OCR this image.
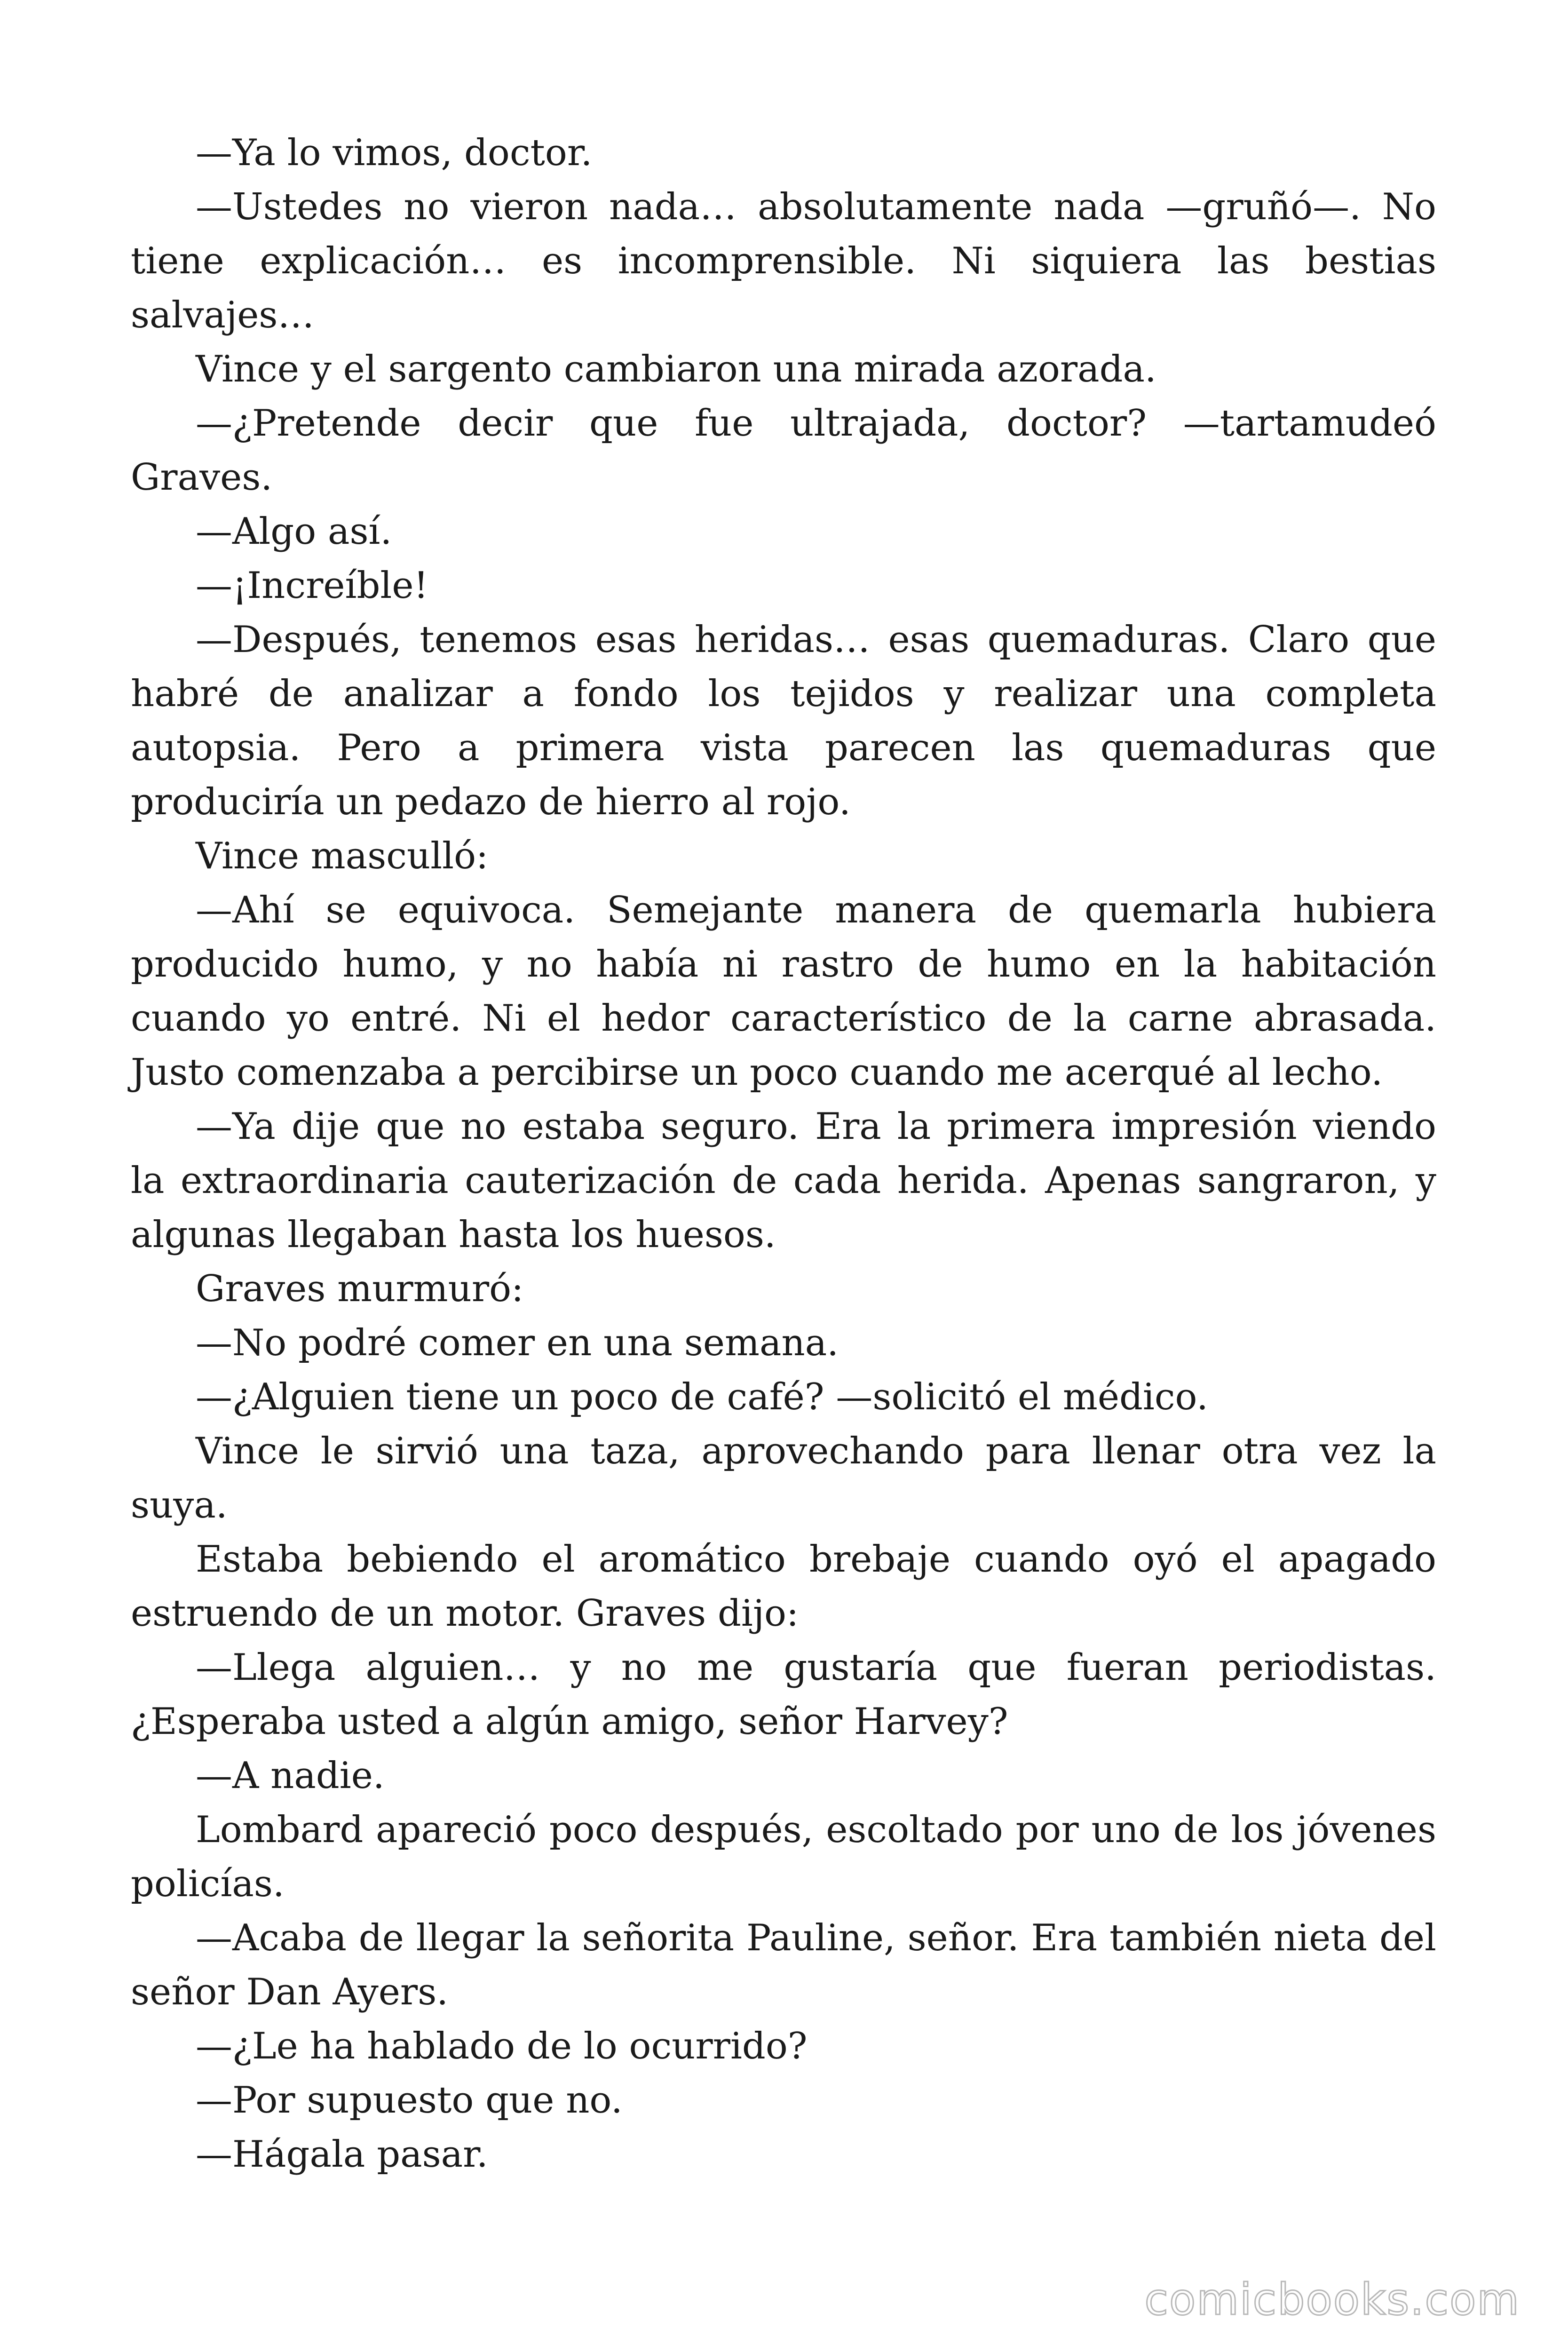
—Ya lo vimos, doctor.

—Ustedes no vieron nada… absolutamente nada —gruñó—. No tiene explicación… es incomprensible. Ni siquiera las bestias salvajes…

Vince y el sargento cambiaron una mirada azorada.

—¿Pretende decir que fue ultrajada, doctor? —tartamudeó Graves.

—Algo así.

—¡Increíble!

—Después, tenemos esas heridas… esas quemaduras. Claro que habré de analizar a fondo los tejidos y realizar una completa autopsia. Pero a primera vista parecen las quemaduras que produciría un pedazo de hierro al rojo.

Vince masculló:

—Ahí se equivoca. Semejante manera de quemarla hubiera producido humo, y no había ni rastro de humo en la habitación cuando yo entré. Ni el hedor característico de la carne abrasada. Justo comenzaba a percibirse un poco cuando me acerqué al lecho.

—Ya dije que no estaba seguro. Era la primera impresión viendo la extraordinaria cauterización de cada herida. Apenas sangraron, y algunas llegaban hasta los huesos.

Graves murmuró:

—No podré comer en una semana.

—¿Alguien tiene un poco de café? —solicitó el médico.

Vince le sirvió una taza, aprovechando para llenar otra vez la suya.

Estaba bebiendo el aromático brebaje cuando oyó el apagado estruendo de un motor. Graves dijo:

—Llega alguien… y no me gustaría que fueran periodistas. ¿Esperaba usted a algún amigo, señor Harvey?

—A nadie.

Lombard apareció poco después, escoltado por uno de los jóvenes policías.

—Acaba de llegar la señorita Pauline, señor. Era también nieta del señor Dan Ayers.

—¿Le ha hablado de lo ocurrido?

—Por supuesto que no.

—Hágala pasar.

comicbooks.com
